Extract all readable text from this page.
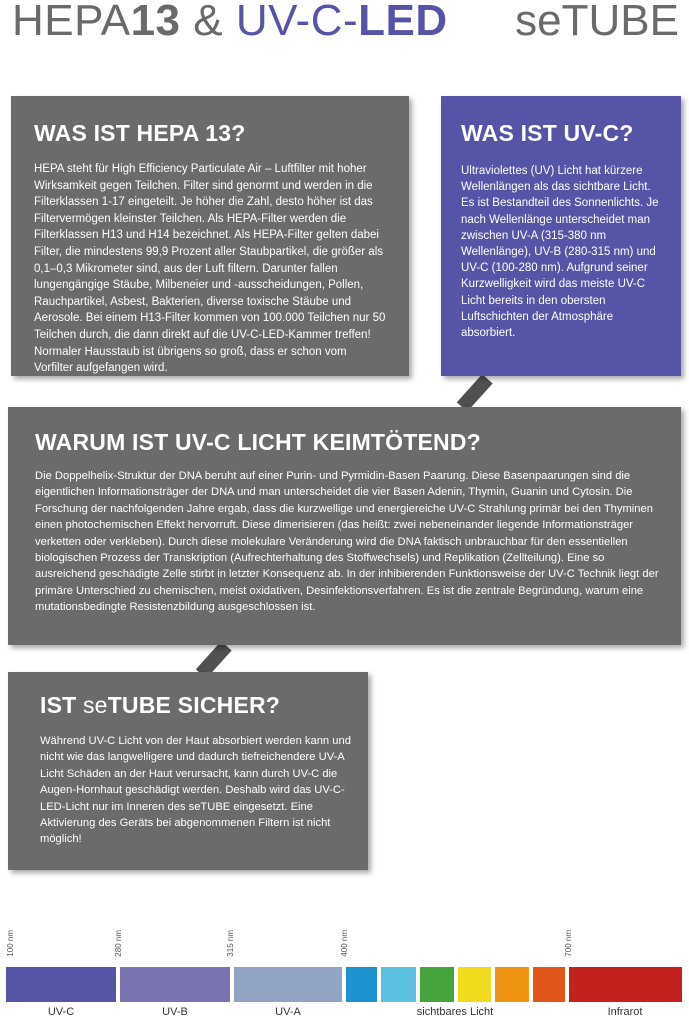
HEPA13 & UV-C-LED seTUBE
WAS IST HEPA 13?

HEPA steht für High Efficiency Particulate Air – Luftfilter mit hoher Wirksamkeit gegen Teilchen. Filter sind genormt und werden in die Filterklassen 1-17 eingeteilt. Je höher die Zahl, desto höher ist das Filtervermögen kleinster Teilchen. Als HEPA-Filter werden die Filterklassen H13 und H14 bezeichnet. Als HEPA-Filter gelten dabei Filter, die mindestens 99,9 Prozent aller Staubpartikel, die größer als 0,1–0,3 Mikrometer sind, aus der Luft filtern. Darunter fallen lungengängige Stäube, Milbeneier und -ausscheidungen, Pollen, Rauchpartikel, Asbest, Bakterien, diverse toxische Stäube und Aerosole. Bei einem H13-Filter kommen von 100.000 Teilchen nur 50 Teilchen durch, die dann direkt auf die UV-C-LED-Kammer treffen! Normaler Hausstaub ist übrigens so groß, dass er schon vom Vorfilter aufgefangen wird.

WAS IST UV-C?

Ultraviolettes (UV) Licht hat kürzere Wellenlängen als das sichtbare Licht. Es ist Bestandteil des Sonnenlichts. Je nach Wellenlänge unterscheidet man zwischen UV-A (315-380 nm Wellenlänge), UV-B (280-315 nm) und UV-C (100-280 nm). Aufgrund seiner Kurzwelligkeit wird das meiste UV-C Licht bereits in den obersten Luftschichten der Atmosphäre absorbiert.

WARUM IST UV-C LICHT KEIMTÖTEND?

Die Doppelhelix-Struktur der DNA beruht auf einer Purin- und Pyrmidin-Basen Paarung. Diese Basenpaarungen sind die eigentlichen Informationsträger der DNA und man unterscheidet die vier Basen Adenin, Thymin, Guanin und Cytosin. Die Forschung der nachfolgenden Jahre ergab, dass die kurzwellige und energiereiche UV-C Strahlung primär bei den Thyminen einen photochemischen Effekt hervorruft. Diese dimerisieren (das heißt: zwei nebeneinander liegende Informationsträger verketten oder verkleben). Durch diese molekulare Veränderung wird die DNA faktisch unbrauchbar für den essentiellen biologischen Prozess der Transkription (Aufrechterhaltung des Stoffwechsels) und Replikation (Zellteilung). Eine so ausreichend geschädigte Zelle stirbt in letzter Konsequenz ab. In der inhibierenden Funktionsweise der UV-C Technik liegt der primäre Unterschied zu chemischen, meist oxidativen, Desinfektionsverfahren. Es ist die zentrale Begründung, warum eine mutationsbedingte Resistenzbildung ausgeschlossen ist.

IST seTUBE SICHER?

Während UV-C Licht von der Haut absorbiert werden kann und nicht wie das langwelligere und dadurch tiefreichendere UV-A Licht Schäden an der Haut verursacht, kann durch UV-C die Augen-Hornhaut geschädigt werden. Deshalb wird das UV-C-LED-Licht nur im Inneren des seTUBE eingesetzt. Eine Aktivierung des Geräts bei abgenommenen Filtern ist nicht möglich!

100 nm	280 nm	315 nm	400 nm	700 nm
UV-C	UV-B	UV-A	sichtbares Licht	Infrarot
